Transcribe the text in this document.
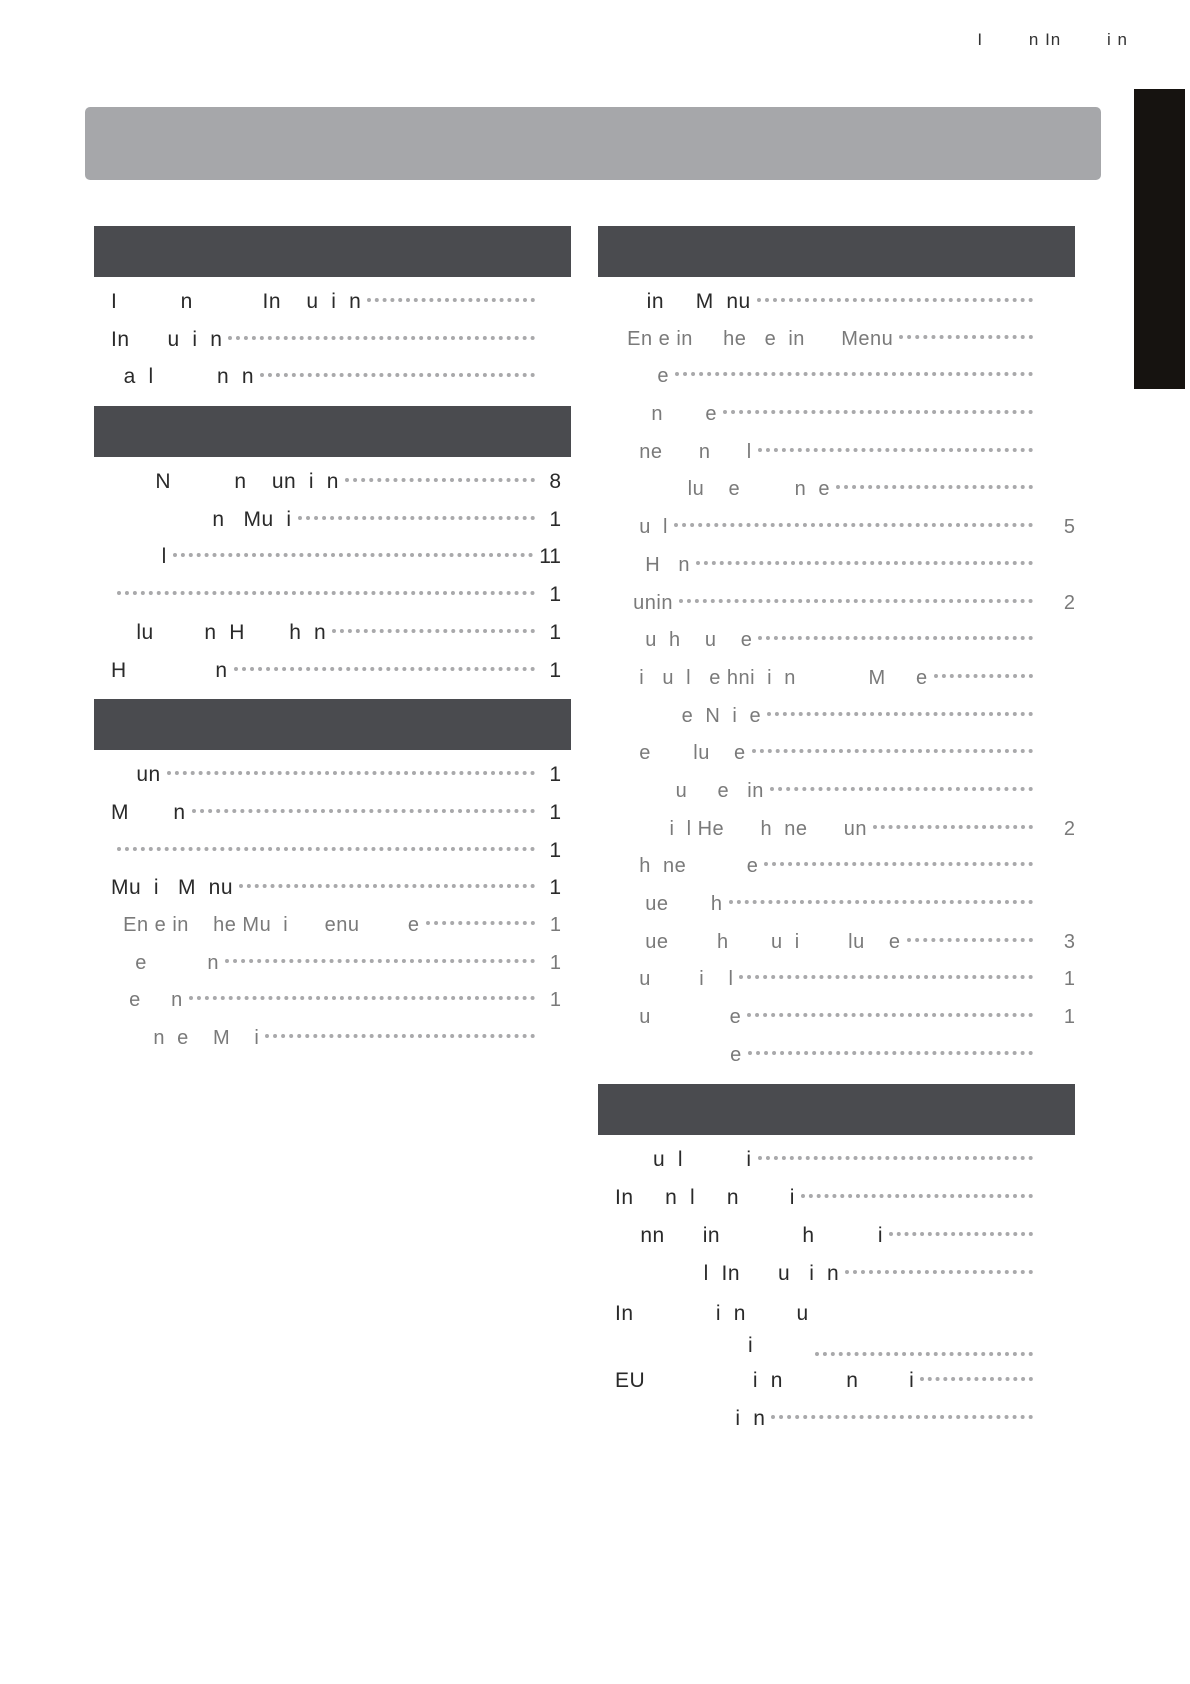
I        n In        i n
I          n           In    u  i  n
In      u  i  n
a  l          n  n
N          n    un  i  n	8
n   Mu  i	1
l	11
1
lu        n  H       h  n	1
H              n	1
un	1
M       n	1
1
Mu  i   M  nu	1
En e in    he Mu  i      enu        e	1
e          n	1
e     n	1
n  e    M    i
in     M  nu
En e in     he   e  in      Menu
e
n       e
ne      n      l
lu    e         n  e
u  l	5
H   n
unin	2
u  h    u    e
i   u  l   e hni  i  n            M     e
e  N  i  e
e       lu    e
u     e   in
i  l He      h  ne      un	2
h  ne          e
ue       h
ue        h       u  i        lu    e	3
u        i    l	1
u             e	1
e
u  l          i
In     n  l     n        i
nn      in             h          i
l  In      u   i  n
In             i  n        u
i
EU                 i  n          n        i
i  n
